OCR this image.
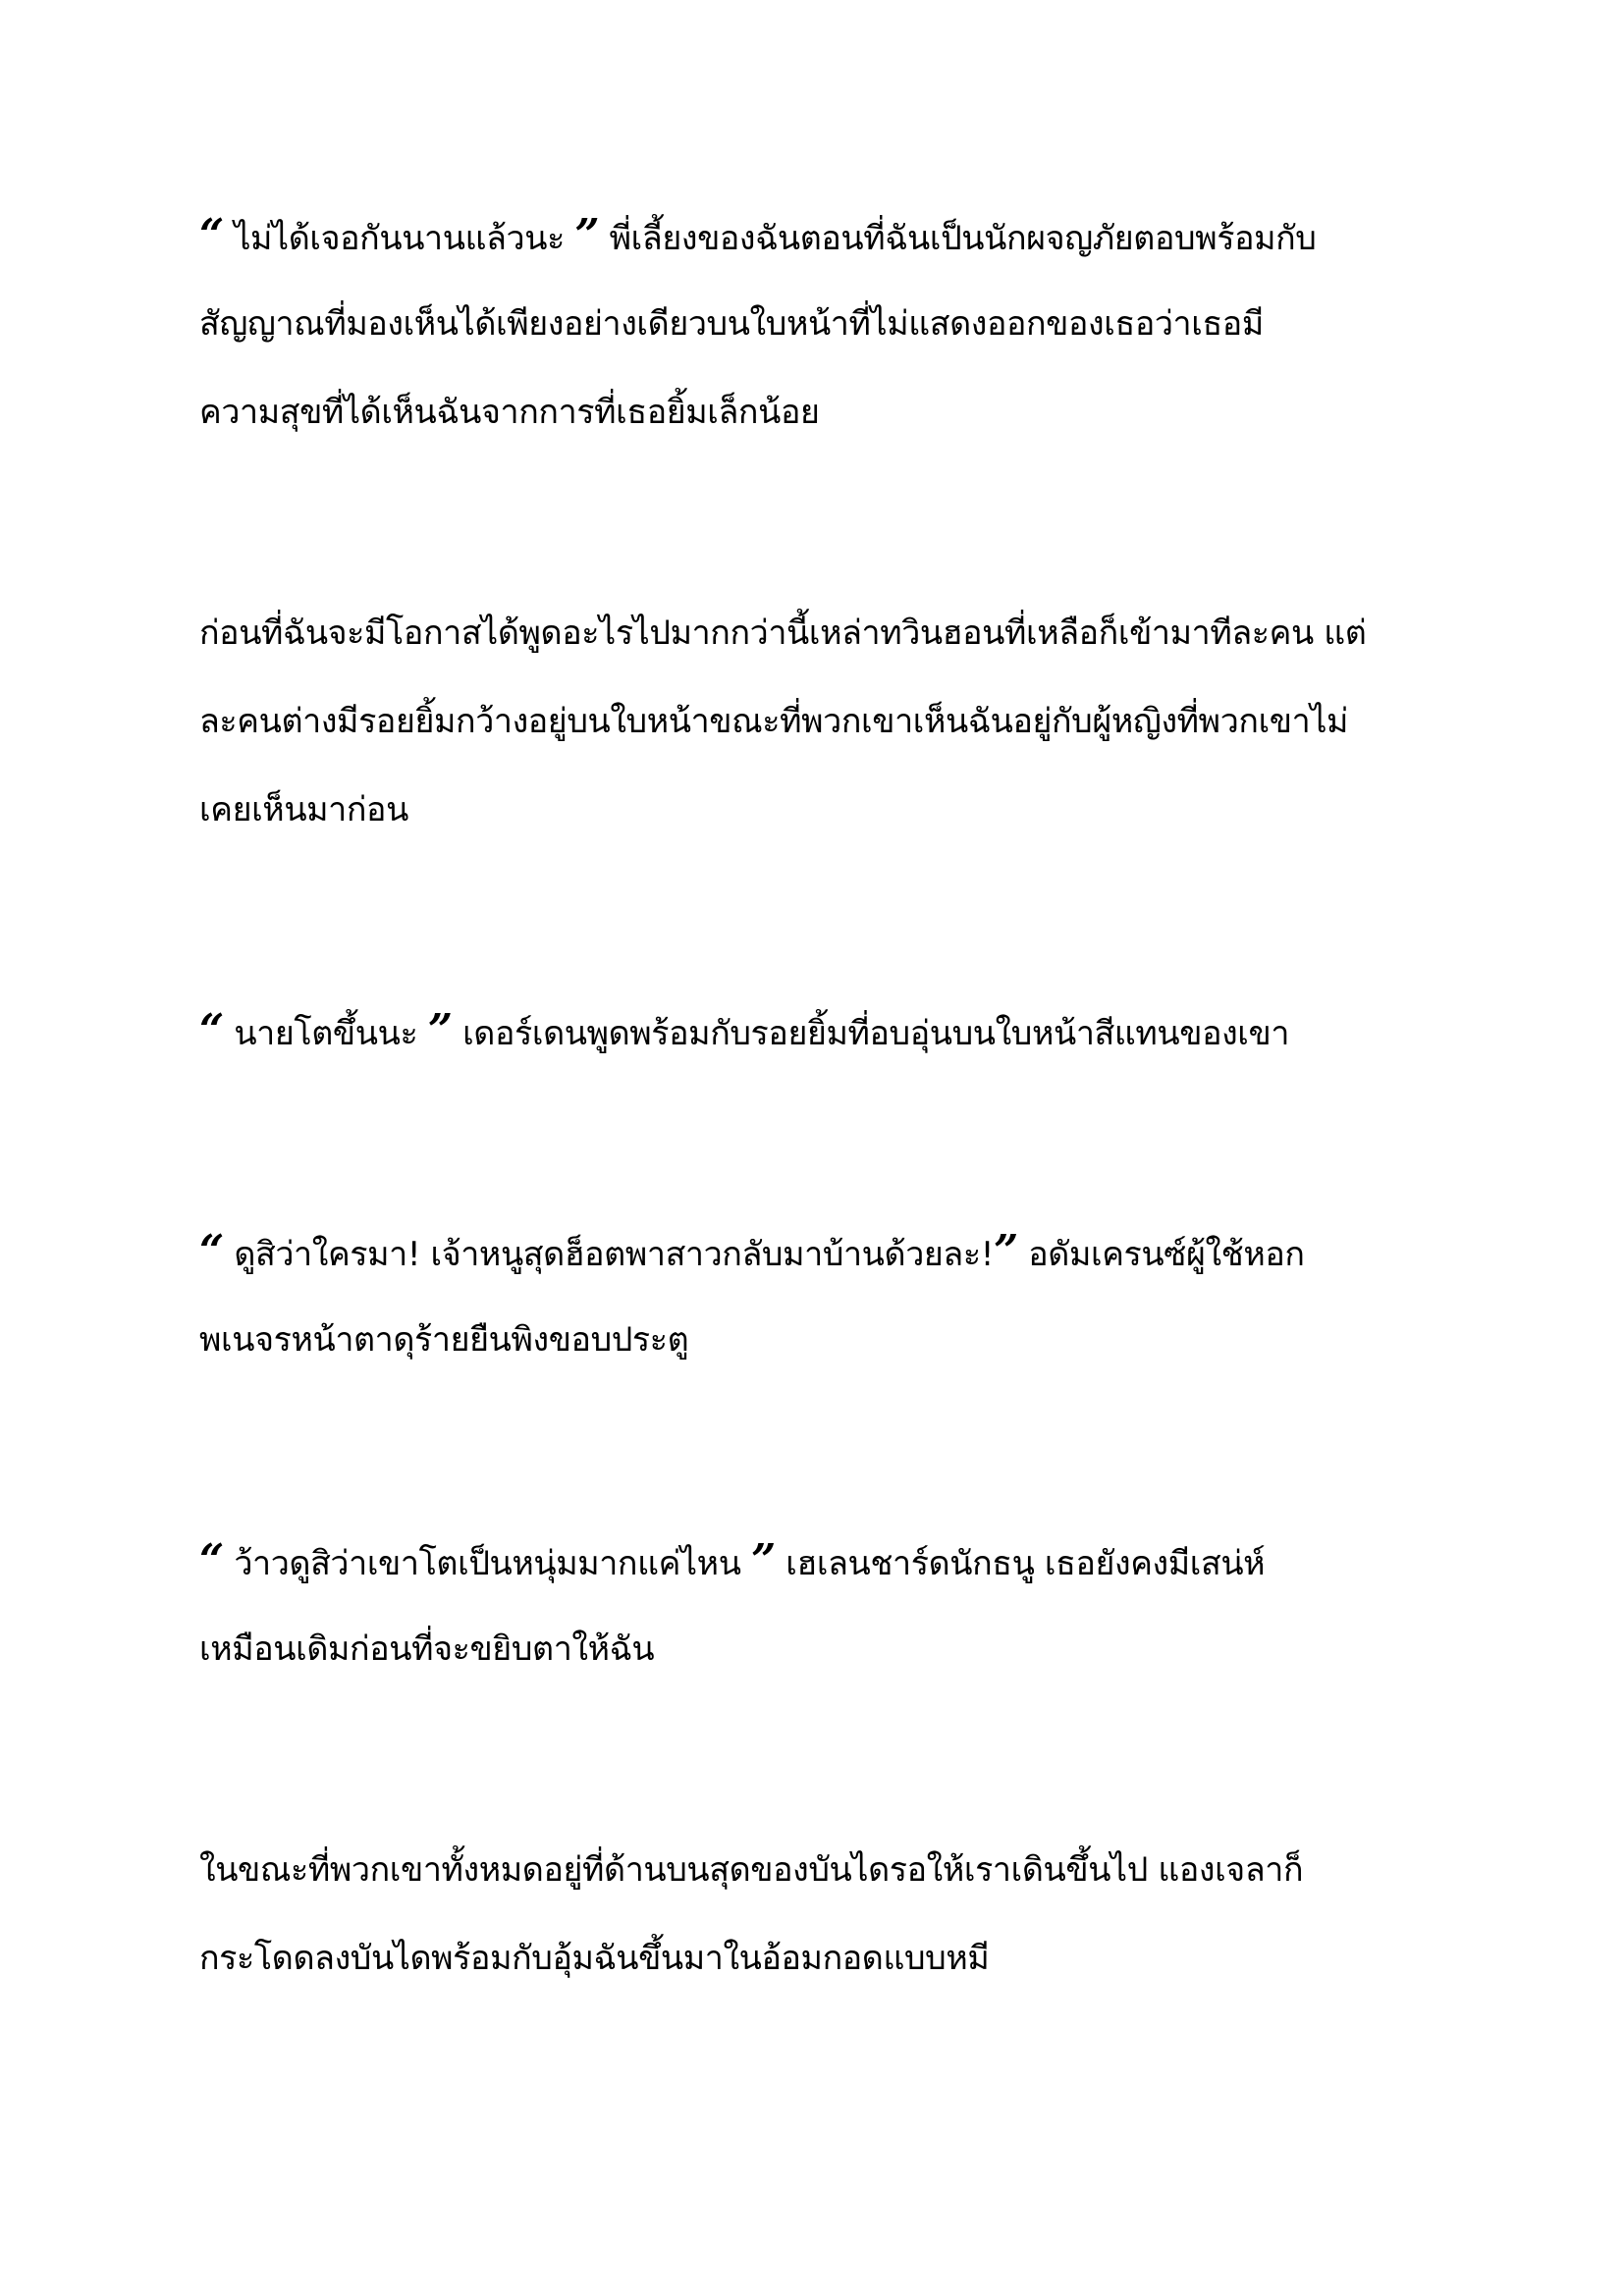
“ ไม่ได้เจอกันนานแล้วนะ ” พี่เลี้ยงของฉันตอนที่ฉันเป็นนักผจญภัยตอบพร้อมกับ
สัญญาณที่มองเห็นได้เพียงอย่างเดียวบนใบหน้าที่ไม่แสดงออกของเธอว่าเธอมี
ความสุขที่ได้เห็นฉันจากการที่เธอยิ้มเล็กน้อย
ก่อนที่ฉันจะมีโอกาสได้พูดอะไรไปมากกว่านี้เหล่าทวินฮอนที่เหลือก็เข้ามาทีละคน แต่
ละคนต่างมีรอยยิ้มกว้างอยู่บนใบหน้าขณะที่พวกเขาเห็นฉันอยู่กับผู้หญิงที่พวกเขาไม่
เคยเห็นมาก่อน
“ นายโตขึ้นนะ ” เดอร์เดนพูดพร้อมกับรอยยิ้มที่อบอุ่นบนใบหน้าสีแทนของเขา
“ ดูสิว่าใครมา! เจ้าหนูสุดฮ็อตพาสาวกลับมาบ้านด้วยละ!” อดัมเครนซ์ผู้ใช้หอก
พเนจรหน้าตาดุร้ายยืนพิงขอบประตู
“ ว้าวดูสิว่าเขาโตเป็นหนุ่มมากแค่ไหน ” เฮเลนชาร์ดนักธนู เธอยังคงมีเสน่ห์
เหมือนเดิมก่อนที่จะขยิบตาให้ฉัน
ในขณะที่พวกเขาทั้งหมดอยู่ที่ด้านบนสุดของบันไดรอให้เราเดินขึ้นไป แองเจลาก็
กระโดดลงบันไดพร้อมกับอุ้มฉันขึ้นมาในอ้อมกอดแบบหมี
